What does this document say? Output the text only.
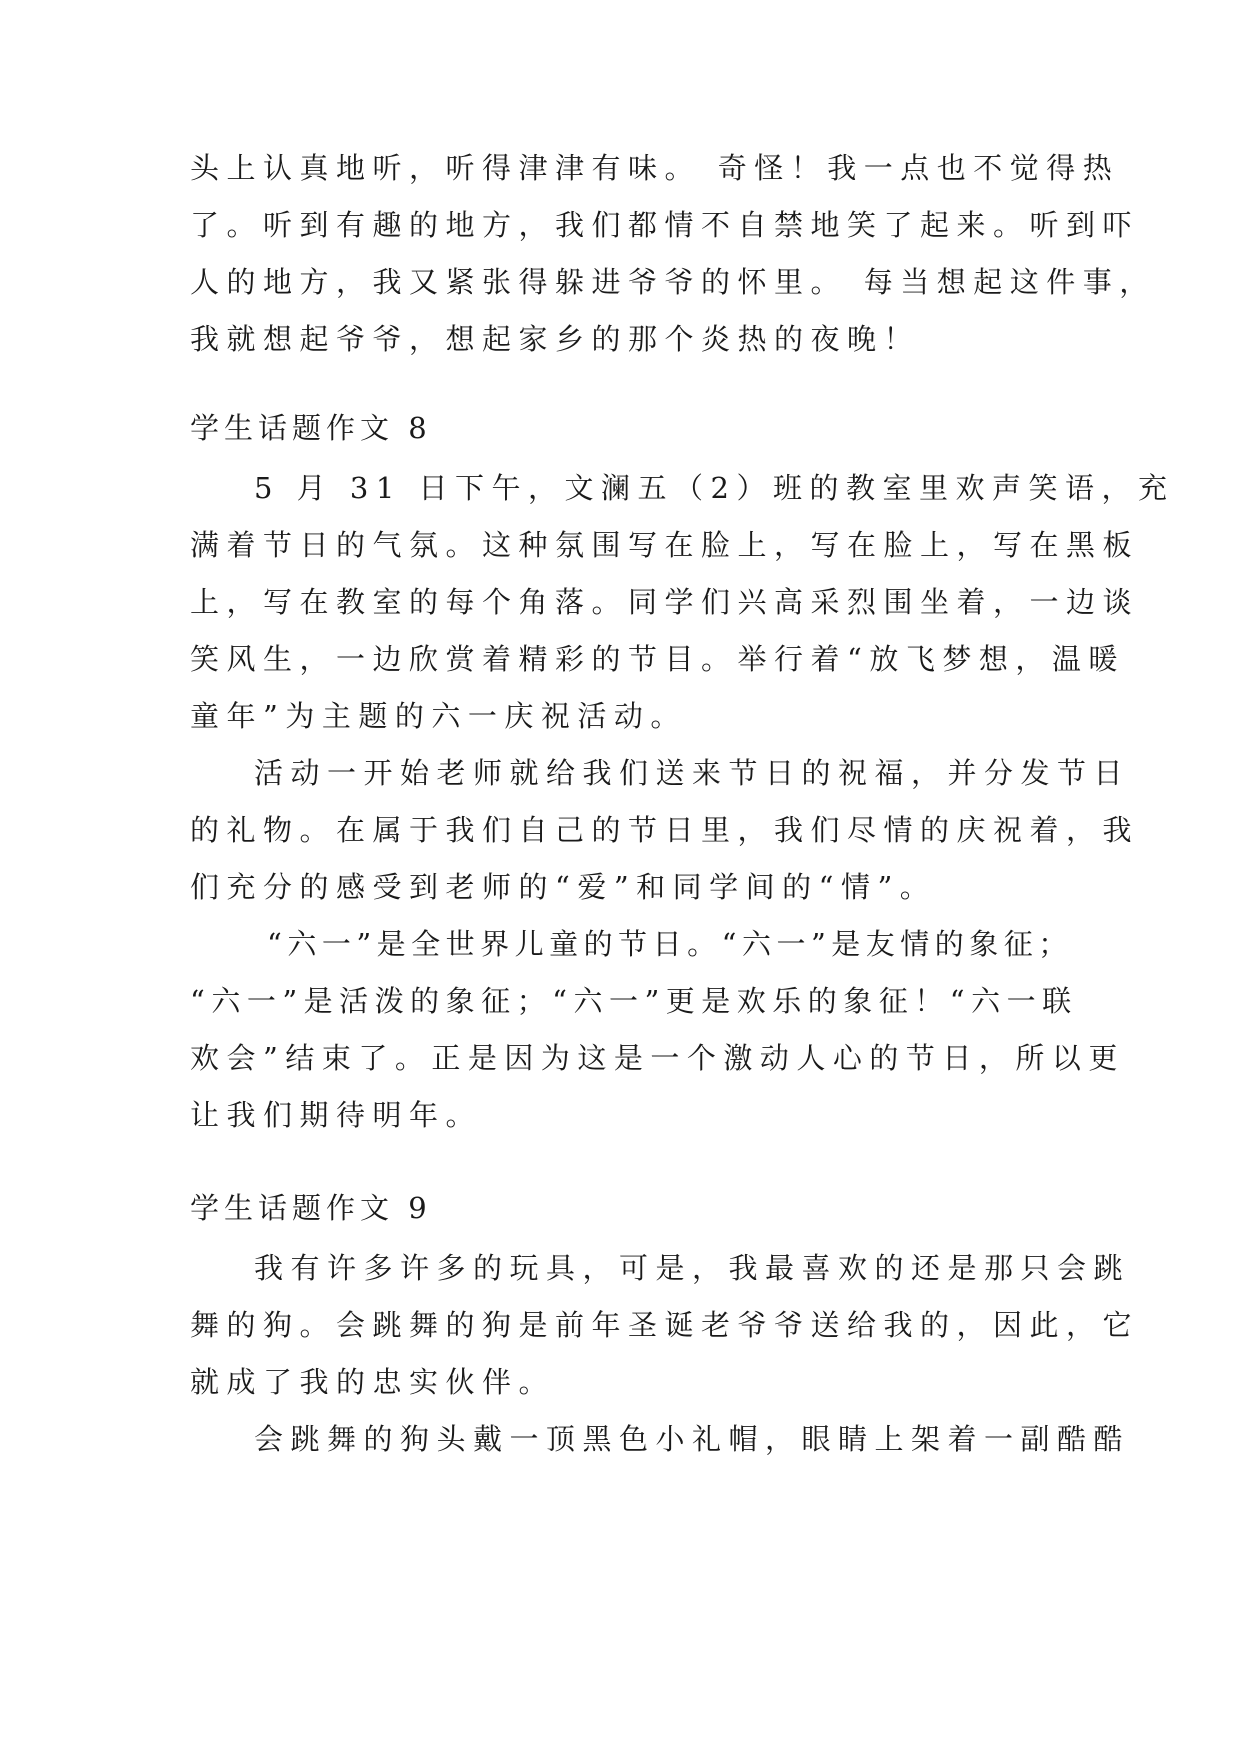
头上认真地听，听得津津有味。 奇怪！我一点也不觉得热
了。听到有趣的地方，我们都情不自禁地笑了起来。听到吓
人的地方，我又紧张得躲进爷爷的怀里。 每当想起这件事，
我就想起爷爷，想起家乡的那个炎热的夜晚！
学生话题作文 8
5 月 31 日下午，文澜五（2）班的教室里欢声笑语，充
满着节日的气氛。这种氛围写在脸上，写在脸上，写在黑板
上，写在教室的每个角落。同学们兴高采烈围坐着，一边谈
笑风生，一边欣赏着精彩的节目。举行着“放飞梦想，温暖
童年”为主题的六一庆祝活动。
活动一开始老师就给我们送来节日的祝福，并分发节日
的礼物。在属于我们自己的节日里，我们尽情的庆祝着，我
们充分的感受到老师的“爱”和同学间的“情”。
“六一”是全世界儿童的节日。“六一”是友情的象征；
“六一”是活泼的象征；“六一”更是欢乐的象征！“六一联
欢会”结束了。正是因为这是一个激动人心的节日，所以更
让我们期待明年。
学生话题作文 9
我有许多许多的玩具，可是，我最喜欢的还是那只会跳
舞的狗。会跳舞的狗是前年圣诞老爷爷送给我的，因此，它
就成了我的忠实伙伴。
会跳舞的狗头戴一顶黑色小礼帽，眼睛上架着一副酷酷
